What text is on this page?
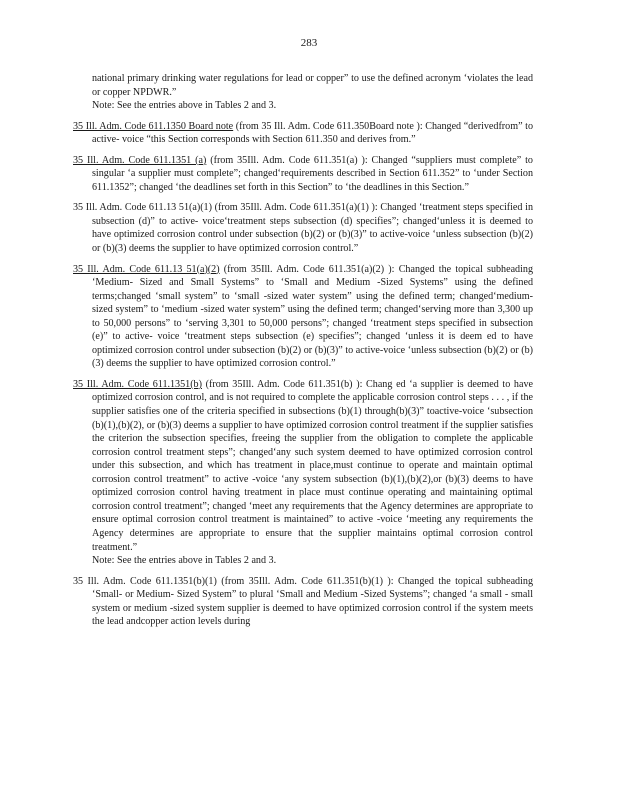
283

national primary drinking water regulations for lead or copper” to use the defined acronym ‘violates the lead or copper NPDWR.”

Note: See the entries above in Tables 2 and 3.

35 Ill. Adm. Code 611.1350 Board note (from 35 Ill. Adm. Code 611.350Board note ): Changed “derivedfrom” to active- voice “this Section corresponds with Section 611.350 and derives from.”

35 Ill. Adm. Code 611.1351 (a) (from 35Ill. Adm. Code 611.351(a) ): Changed “suppliers must complete” to singular ‘a supplier must complete”; changed‘requirements described in Section 611.352” to ‘under Section 611.1352”; changed ‘the deadlines set forth in this Section” to ‘the deadlines in this Section.”

35 Ill. Adm. Code 611.13 51(a)(1) (from 35Ill. Adm. Code 611.351(a)(1) ): Changed ‘treatment steps specified in subsection (d)” to active- voice‘treatment steps subsection (d) specifies”; changed‘unless it is deemed to have optimized corrosion control under subsection (b)(2) or (b)(3)” to active-voice ‘unless subsection (b)(2) or (b)(3) deems the supplier to have optimized corrosion control.”

35 Ill. Adm. Code 611.13 51(a)(2) (from 35Ill. Adm. Code 611.351(a)(2) ): Changed the topical subheading ‘Medium- Sized and Small Systems” to ‘Small and Medium -Sized Systems” using the defined terms;changed ‘small system” to ‘small -sized water system” using the defined term; changed‘medium- sized system” to ‘medium -sized water system” using the defined term; changed‘serving more than 3,300 up to 50,000 persons” to ‘serving 3,301 to 50,000 persons”; changed ‘treatment steps specified in subsection (e)” to active- voice ‘treatment steps subsection (e) specifies”; changed ‘unless it is deem ed to have optimized corrosion control under subsection (b)(2) or (b)(3)” to active-voice ‘unless subsection (b)(2) or (b)(3) deems the supplier to have optimized corrosion control.”

35 Ill. Adm. Code 611.1351(b) (from 35Ill. Adm. Code 611.351(b) ): Chang ed ‘a supplier is deemed to have optimized corrosion control, and is not required to complete the applicable corrosion control steps . . . , if the supplier satisfies one of the criteria specified in subsections (b)(1) through(b)(3)” toactive-voice ‘subsection (b)(1),(b)(2), or (b)(3) deems a supplier to have optimized corrosion control treatment if the supplier satisfies the criterion the subsection specifies, freeing the supplier from the obligation to complete the applicable corrosion control treatment steps”; changed‘any such system deemed to have optimized corrosion control under this subsection, and which has treatment in place,must continue to operate and maintain optimal corrosion control treatment” to active -voice ‘any system subsection (b)(1),(b)(2),or (b)(3) deems to have optimized corrosion control having treatment in place must continue operating and maintaining optimal corrosion control treatment”; changed ‘meet any requirements that the Agency determines are appropriate to ensure optimal corrosion control treatment is maintained” to active -voice ‘meeting any requirements the Agency determines are appropriate to ensure that the supplier maintains optimal corrosion control treatment.”

Note: See the entries above in Tables 2 and 3.

35 Ill. Adm. Code 611.1351(b)(1) (from 35Ill. Adm. Code 611.351(b)(1) ): Changed the topical subheading ‘Small- or Medium- Sized System” to plural ‘Small and Medium -Sized Systems”; changed ‘a small - small system or medium -sized system supplier is deemed to have optimized corrosion control if the system meets the lead andcopper action levels during
